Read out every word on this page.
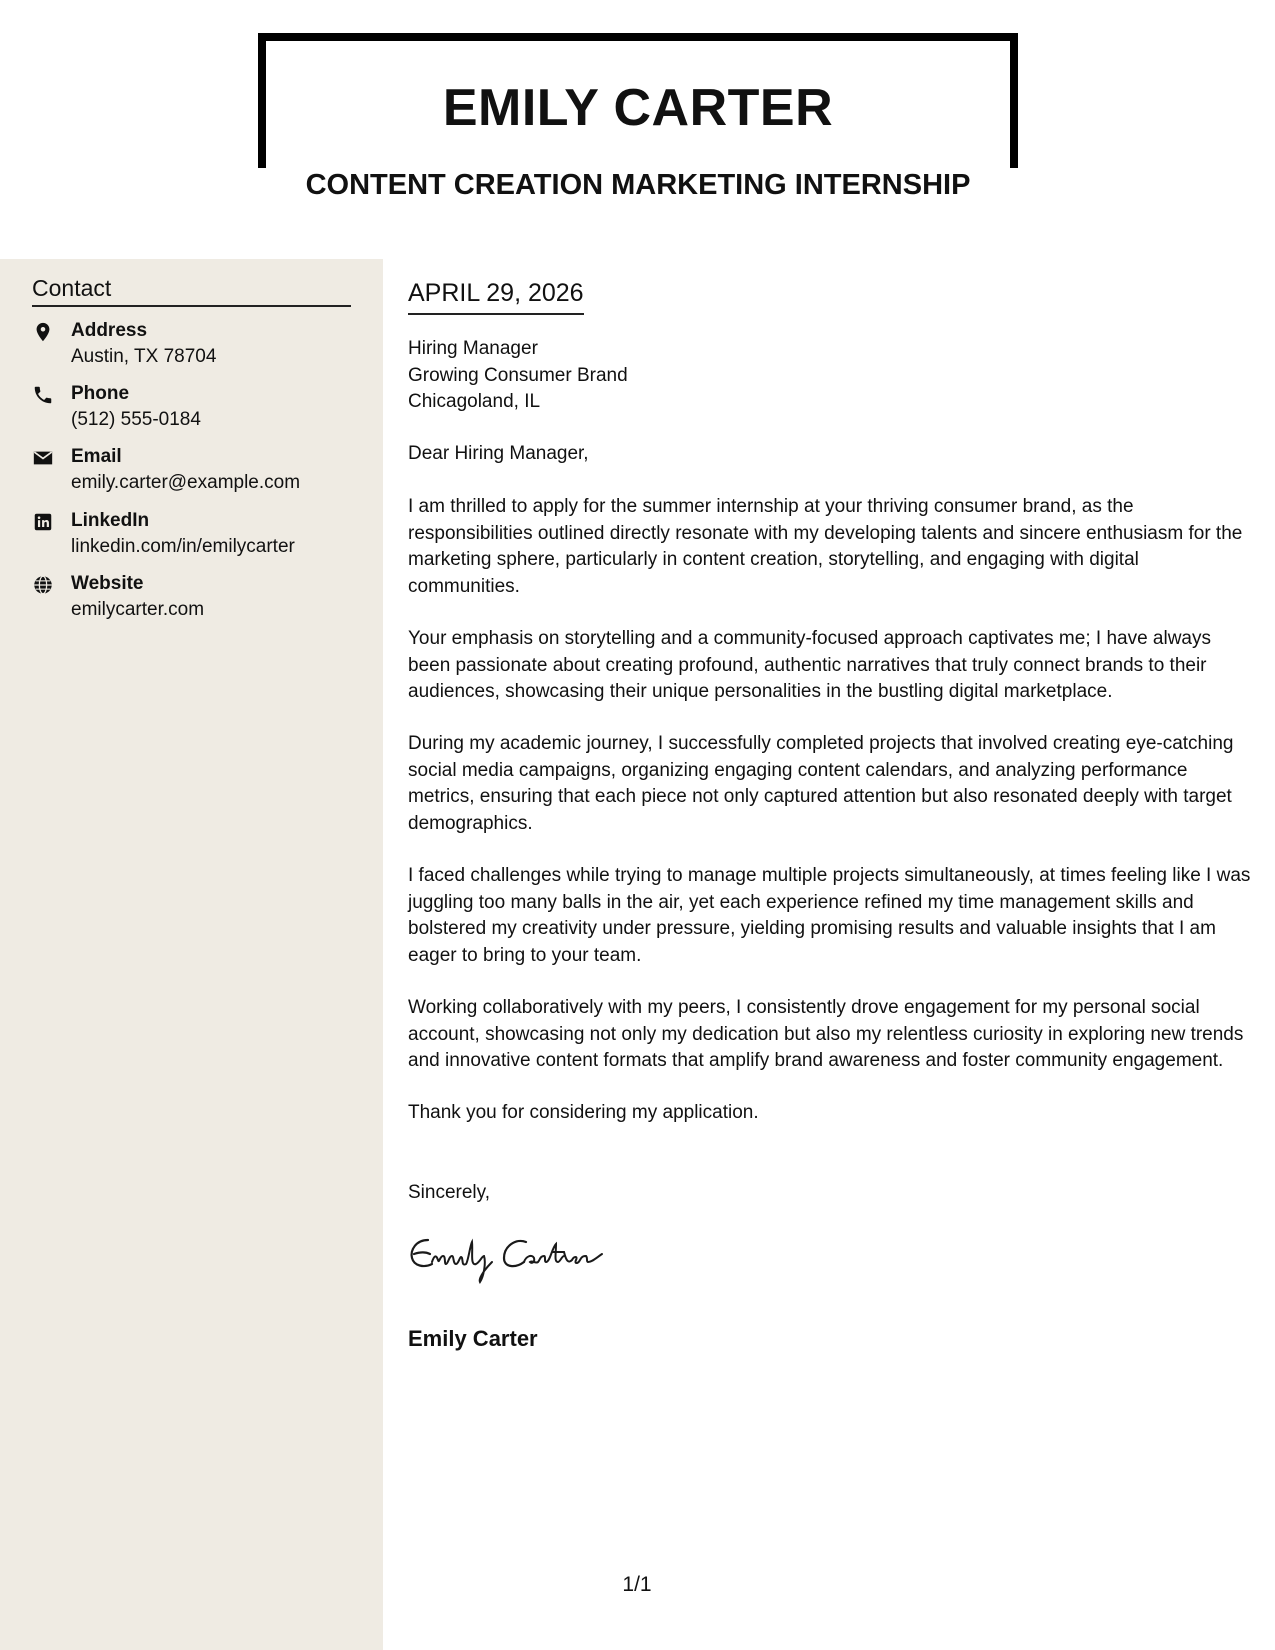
EMILY CARTER
CONTENT CREATION MARKETING INTERNSHIP
Contact
Address
Austin, TX 78704
Phone
(512) 555-0184
Email
emily.carter@example.com
LinkedIn
linkedin.com/in/emilycarter
Website
emilycarter.com
APRIL 29, 2026

Hiring Manager

Growing Consumer Brand

Chicagoland, IL

Dear Hiring Manager,

I am thrilled to apply for the summer internship at your thriving consumer brand, as the responsibilities outlined directly resonate with my developing talents and sincere enthusiasm for the marketing sphere, particularly in content creation, storytelling, and engaging with digital communities.

Your emphasis on storytelling and a community-focused approach captivates me; I have always been passionate about creating profound, authentic narratives that truly connect brands to their audiences, showcasing their unique personalities in the bustling digital marketplace.

During my academic journey, I successfully completed projects that involved creating eye-catching social media campaigns, organizing engaging content calendars, and analyzing performance metrics, ensuring that each piece not only captured attention but also resonated deeply with target demographics.

I faced challenges while trying to manage multiple projects simultaneously, at times feeling like I was juggling too many balls in the air, yet each experience refined my time management skills and bolstered my creativity under pressure, yielding promising results and valuable insights that I am eager to bring to your team.

Working collaboratively with my peers, I consistently drove engagement for my personal social account, showcasing not only my dedication but also my relentless curiosity in exploring new trends and innovative content formats that amplify brand awareness and foster community engagement.

Thank you for considering my application.

Sincerely,

Emily Carter
1/1
